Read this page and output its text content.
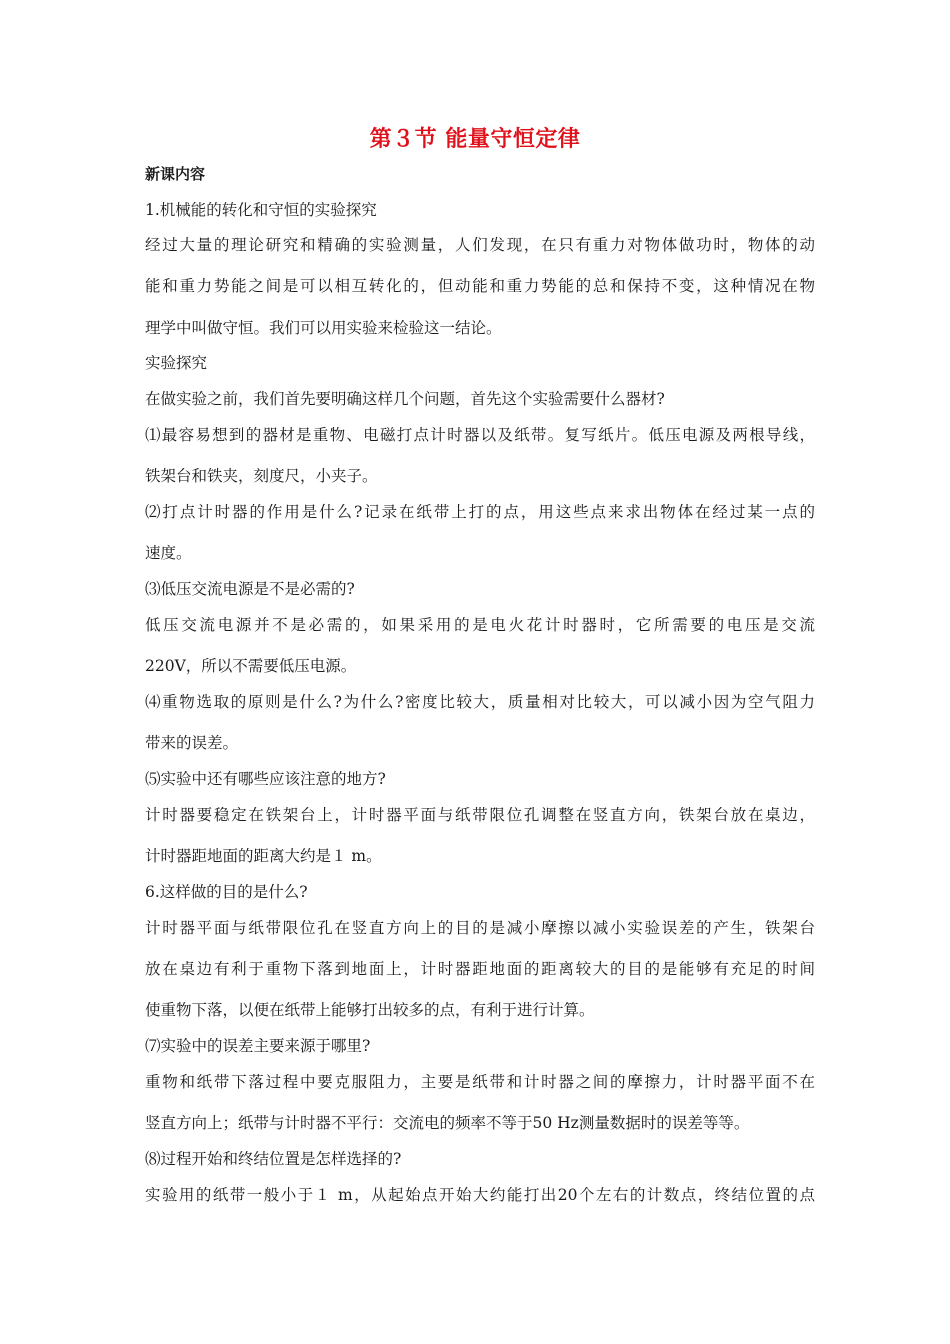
第３节 能量守恒定律
新课内容
1.机械能的转化和守恒的实验探究
经过大量的理论研究和精确的实验测量，人们发现，在只有重力对物体做功时，物体的动
能和重力势能之间是可以相互转化的，但动能和重力势能的总和保持不变，这种情况在物
理学中叫做守恒。我们可以用实验来检验这一结论。
实验探究
在做实验之前，我们首先要明确这样几个问题，首先这个实验需要什么器材?
⑴最容易想到的器材是重物、电磁打点计时器以及纸带。复写纸片。低压电源及两根导线，
铁架台和铁夹，刻度尺，小夹子。
⑵打点计时器的作用是什么?记录在纸带上打的点，用这些点来求出物体在经过某一点的
速度。
⑶低压交流电源是不是必需的?
低压交流电源并不是必需的，如果采用的是电火花计时器时，它所需要的电压是交流
220V，所以不需要低压电源。
⑷重物选取的原则是什么?为什么?密度比较大，质量相对比较大，可以减小因为空气阻力
带来的误差。
⑸实验中还有哪些应该注意的地方?
计时器要稳定在铁架台上，计时器平面与纸带限位孔调整在竖直方向，铁架台放在桌边，
计时器距地面的距离大约是１ m。
6.这样做的目的是什么?
计时器平面与纸带限位孔在竖直方向上的目的是减小摩擦以减小实验误差的产生，铁架台
放在桌边有利于重物下落到地面上，计时器距地面的距离较大的目的是能够有充足的时间
使重物下落，以便在纸带上能够打出较多的点，有利于进行计算。
⑺实验中的误差主要来源于哪里?
重物和纸带下落过程中要克服阻力，主要是纸带和计时器之间的摩擦力，计时器平面不在
竖直方向上；纸带与计时器不平行：交流电的频率不等于50 Hz测量数据时的误差等等。
⑻过程开始和终结位置是怎样选择的?
实验用的纸带一般小于１ m，从起始点开始大约能打出20个左右的计数点，终结位置的点
